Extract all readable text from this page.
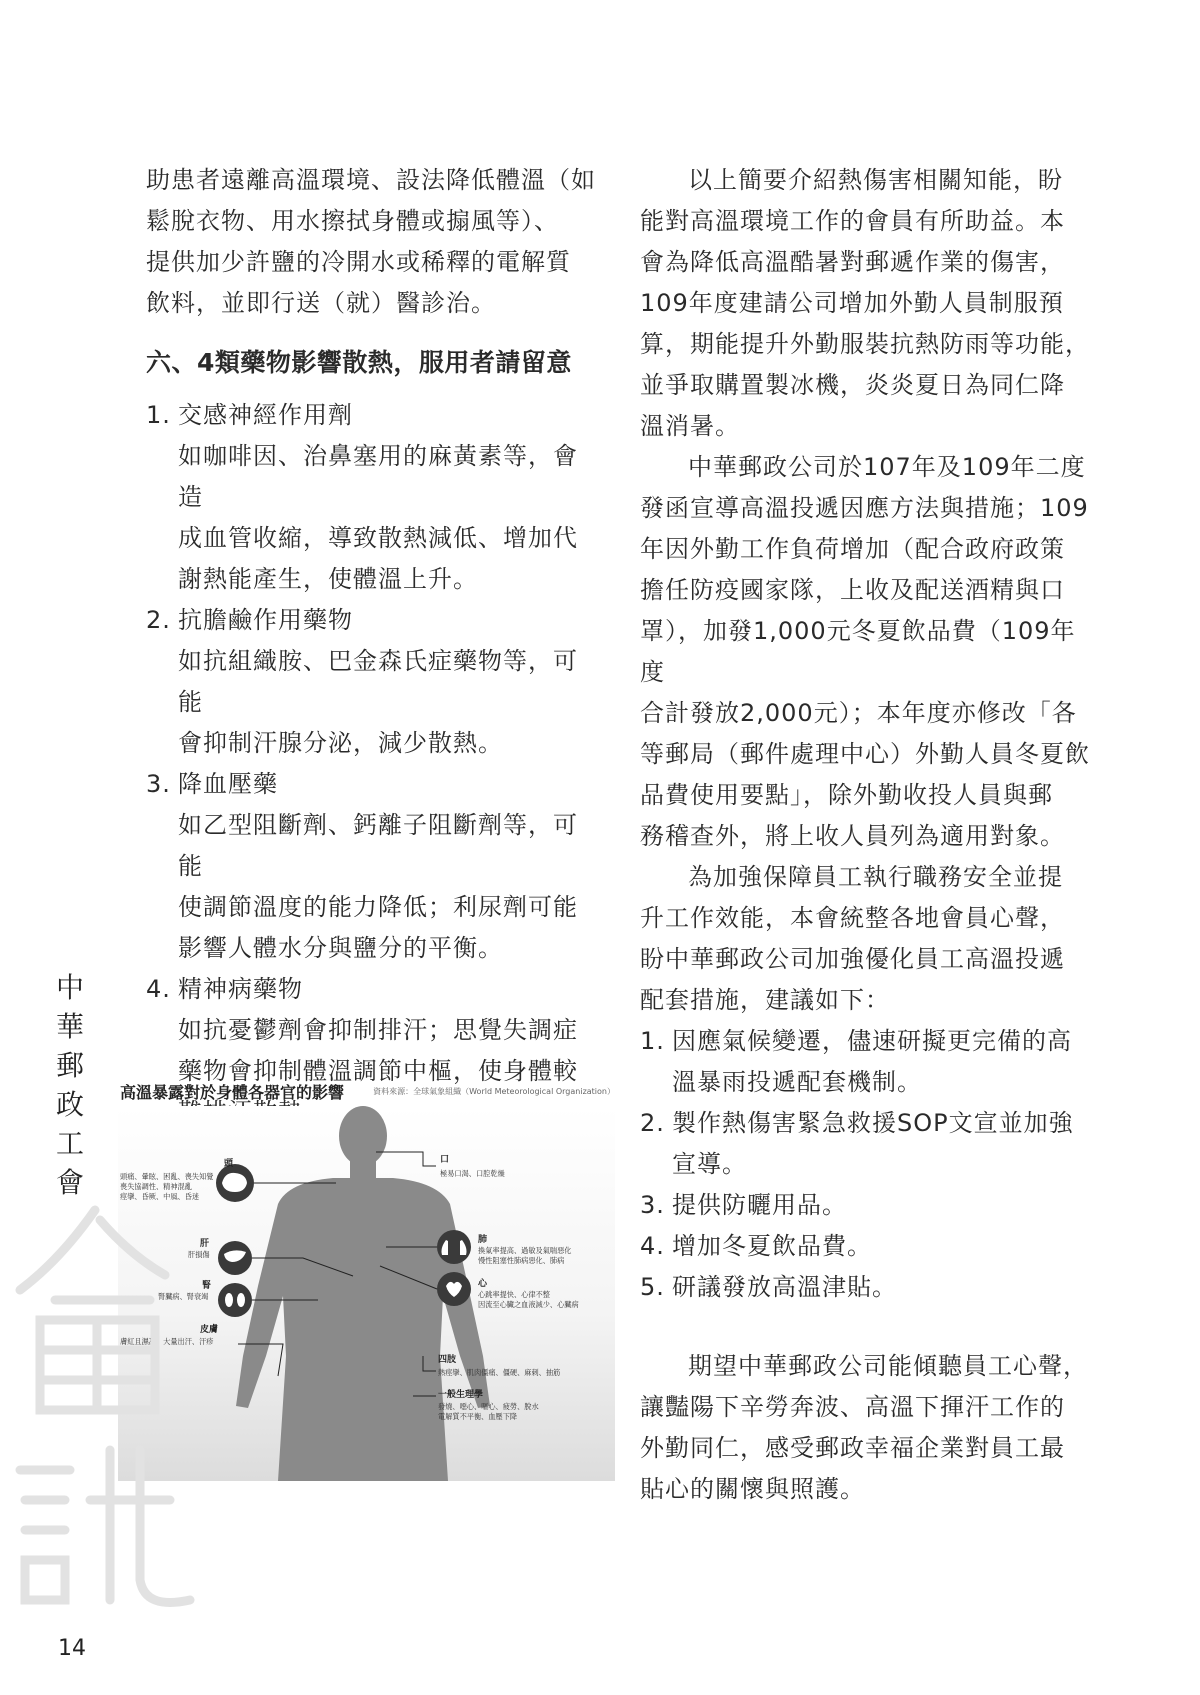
助患者遠離高溫環境、設法降低體溫（如

鬆脫衣物、用水擦拭身體或搧風等）、

提供加少許鹽的冷開水或稀釋的電解質

飲料，並即行送（就）醫診治。

六、4類藥物影響散熱，服用者請留意

1. 交感神經作用劑

如咖啡因、治鼻塞用的麻黃素等，會造

成血管收縮，導致散熱減低、增加代

謝熱能產生，使體溫上升。

2. 抗膽鹼作用藥物

如抗組織胺、巴金森氏症藥物等，可能

會抑制汗腺分泌，減少散熱。

3. 降血壓藥

如乙型阻斷劑、鈣離子阻斷劑等，可能

使調節溫度的能力降低；利尿劑可能

影響人體水分與鹽分的平衡。

4. 精神病藥物

如抗憂鬱劑會抑制排汗；思覺失調症

藥物會抑制體溫調節中樞，使身體較

高溫暴露對於身體各器官的影響	資料來源：全球氣象組織（World Meteorological Organization）
頭
頭痛、暈眩、困亂、喪失知覺
喪失協調性、精神混亂
痙攣、昏厥、中風、昏迷
口
極易口渴、口腔乾燥
肺
換氣率提高、過敏及氣喘惡化
慢性阻塞性肺病惡化、肺病
心
心跳率提快、心律不整
因流至心臟之血液減少、心臟病
肝
肝損傷
腎
腎臟病、腎衰竭
皮膚
膚紅且濕冷、大量出汗、汗疹
四肢
熱痙攣、肌肉僵痛、僵硬、麻刺、抽筋
一般生理學
發燒、噁心、嘔心、疲勞、脫水
電解質不平衡、血壓下降

以上簡要介紹熱傷害相關知能，盼

能對高溫環境工作的會員有所助益。本

會為降低高溫酷暑對郵遞作業的傷害，

109年度建請公司增加外勤人員制服預

算，期能提升外勤服裝抗熱防雨等功能，

並爭取購置製冰機，炎炎夏日為同仁降

溫消暑。

中華郵政公司於107年及109年二度

發函宣導高溫投遞因應方法與措施；109

年因外勤工作負荷增加（配合政府政策

擔任防疫國家隊，上收及配送酒精與口

罩），加發1,000元冬夏飲品費（109年度

合計發放2,000元）；本年度亦修改「各

等郵局（郵件處理中心）外勤人員冬夏飲

品費使用要點」，除外勤收投人員與郵

務稽查外，將上收人員列為適用對象。

為加強保障員工執行職務安全並提

升工作效能，本會統整各地會員心聲，

盼中華郵政公司加強優化員工高溫投遞

配套措施，建議如下：

1. 因應氣候變遷，儘速研擬更完備的高

溫暴雨投遞配套機制。

2. 製作熱傷害緊急救援SOP文宣並加強

宣導。

3. 提供防曬用品。

4. 增加冬夏飲品費。

5. 研議發放高溫津貼。

期望中華郵政公司能傾聽員工心聲，

讓豔陽下辛勞奔波、高溫下揮汗工作的

外勤同仁，感受郵政幸福企業對員工最

貼心的關懷與照護。

中
華
郵
政
工
會
14
